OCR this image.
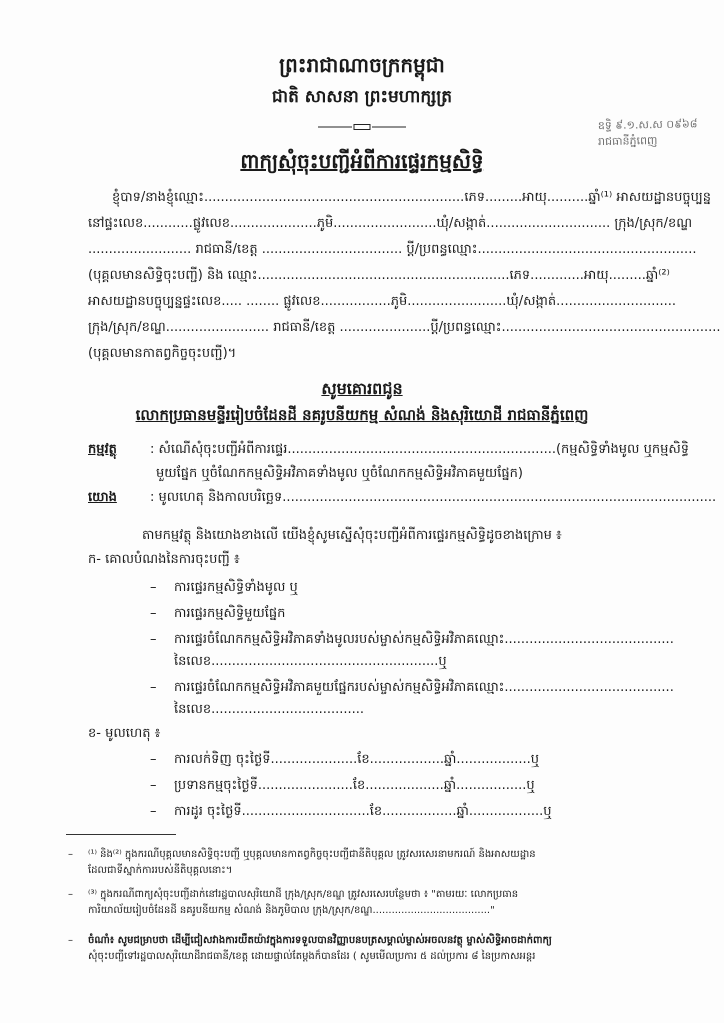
ព្រះរាជាណាចក្រកម្ពុជា
ជាតិ សាសនា ព្រះមហាក្សត្រ
ឧទ្ទិ ៩.១.ស.ស ០៩៦៨ រាជធានីភ្នំពេញ
ពាក្យសុំចុះបញ្ជីអំពីការផ្ទេរកម្មសិទ្ធិ
ខ្ញុំបាទ/នាងខ្ញុំឈ្មោះ...............................................................ភេទ.........អាយុ..........ឆ្នាំ⁽¹⁾ អាសយដ្ឋានបច្ចុប្បន្ន
នៅផ្ទះលេខ............ផ្លូវលេខ.....................ភូមិ.........................ឃុំ/សង្កាត់.............................. ក្រុង/ស្រុក/ខណ្ឌ
......................... រាជធានី/ខេត្ត .................................. ប្តី/ប្រពន្ធឈ្មោះ.....................................................
(បុគ្គលមានសិទ្ធិចុះបញ្ជី) និង ឈ្មោះ.............................................................ភេទ.............អាយុ.........ឆ្នាំ⁽²⁾
អាសយដ្ឋានបច្ចុប្បន្នផ្ទះលេខ..... ........ ផ្លូវលេខ.................ភូមិ........................ឃុំ/សង្កាត់.............................
ក្រុង/ស្រុក/ខណ្ឌ......................... រាជធានី/ខេត្ត ......................ប្តី/ប្រពន្ធឈ្មោះ.....................................................
(បុគ្គលមានកាតព្វកិច្ចចុះបញ្ជី)។
សូមគោរពជូន
លោកប្រធានមន្ទីររៀបចំដែនដី នគរូបនីយកម្ម សំណង់ និងសុរិយោដី រាជធានីភ្នំពេញ
កម្មវត្ថុ	: សំណើសុំចុះបញ្ជីអំពីការផ្ទេរ.................................................................(កម្មសិទ្ធិទាំងមូល ឬកម្មសិទ្ធិ
មួយផ្នែក ឬចំណែកកម្មសិទ្ធិអវិភាគទាំងមូល ឬចំណែកកម្មសិទ្ធិអវិភាគមួយផ្នែក)
យោង	: មូលហេតុ និងកាលបរិច្ឆេទ.........................................................................................................
តាមកម្មវត្ថុ និងយោងខាងលើ យើងខ្ញុំសូមស្នើសុំចុះបញ្ជីអំពីការផ្ទេរកម្មសិទ្ធិដូចខាងក្រោម ៖
ក- គោលបំណងនៃការចុះបញ្ជី ៖
– ការផ្ទេរកម្មសិទ្ធិទាំងមូល ឬ
– ការផ្ទេរកម្មសិទ្ធិមួយផ្នែក
– ការផ្ទេរចំណែកកម្មសិទ្ធិអវិភាគទាំងមូលរបស់ម្ចាស់កម្មសិទ្ធិអវិភាគឈ្មោះ.........................................
នៃលេខ.......................................................ឬ
– ការផ្ទេរចំណែកកម្មសិទ្ធិអវិភាគមួយផ្នែករបស់ម្ចាស់កម្មសិទ្ធិអវិភាគឈ្មោះ.........................................
នៃលេខ.....................................
ខ- មូលហេតុ ៖
– ការលក់ទិញ ចុះថ្ងៃទី.....................ខែ..................ឆ្នាំ..................ឬ
– ប្រទានកម្មចុះថ្ងៃទី.......................ខែ...................ឆ្នាំ.................ឬ
– ការដូរ ចុះថ្ងៃទី...............................ខែ..................ឆ្នាំ..................ឬ
– ⁽¹⁾ និង⁽²⁾ ក្នុងករណីបុគ្គលមានសិទ្ធិចុះបញ្ជី ឬបុគ្គលមានកាតព្វកិច្ចចុះបញ្ជីជានីតិបុគ្គល ត្រូវសរសេរនាមករណ៍ និងអាសយដ្ឋាន
ដែលជាទីស្នាក់ការរបស់នីតិបុគ្គលនោះ។
– ⁽³⁾ ក្នុងករណីពាក្យសុំចុះបញ្ជីដាក់នៅរដ្ឋបាលសុរិយោដី ក្រុង/ស្រុក/ខណ្ឌ ត្រូវសរសេរបន្ថែមថា ៖ "តាមរយៈ លោកប្រធាន
ការិយាល័យរៀបចំដែនដី នគរូបនីយកម្ម សំណង់ និងភូមិបាល ក្រុង/ស្រុក/ខណ្ឌ....................................."
– ចំណាំ៖ សូមជម្រាបថា ដើម្បីជៀសវាងការយឺតយ៉ាវក្នុងការទទួលបានវិញ្ញាបនបត្រសម្គាល់ម្ចាស់អចលនវត្ថុ ម្ចាស់សិទ្ធិអាចដាក់ពាក្យ
សុំចុះបញ្ជីទៅរដ្ឋបាលសុរិយោដីរាជធានី/ខេត្ត ដោយផ្ទាល់តែម្តងក៏បានដែរ ( សូមមើលប្រការ ៥ ដល់ប្រការ ៨ នៃប្រកាសអន្តរ
